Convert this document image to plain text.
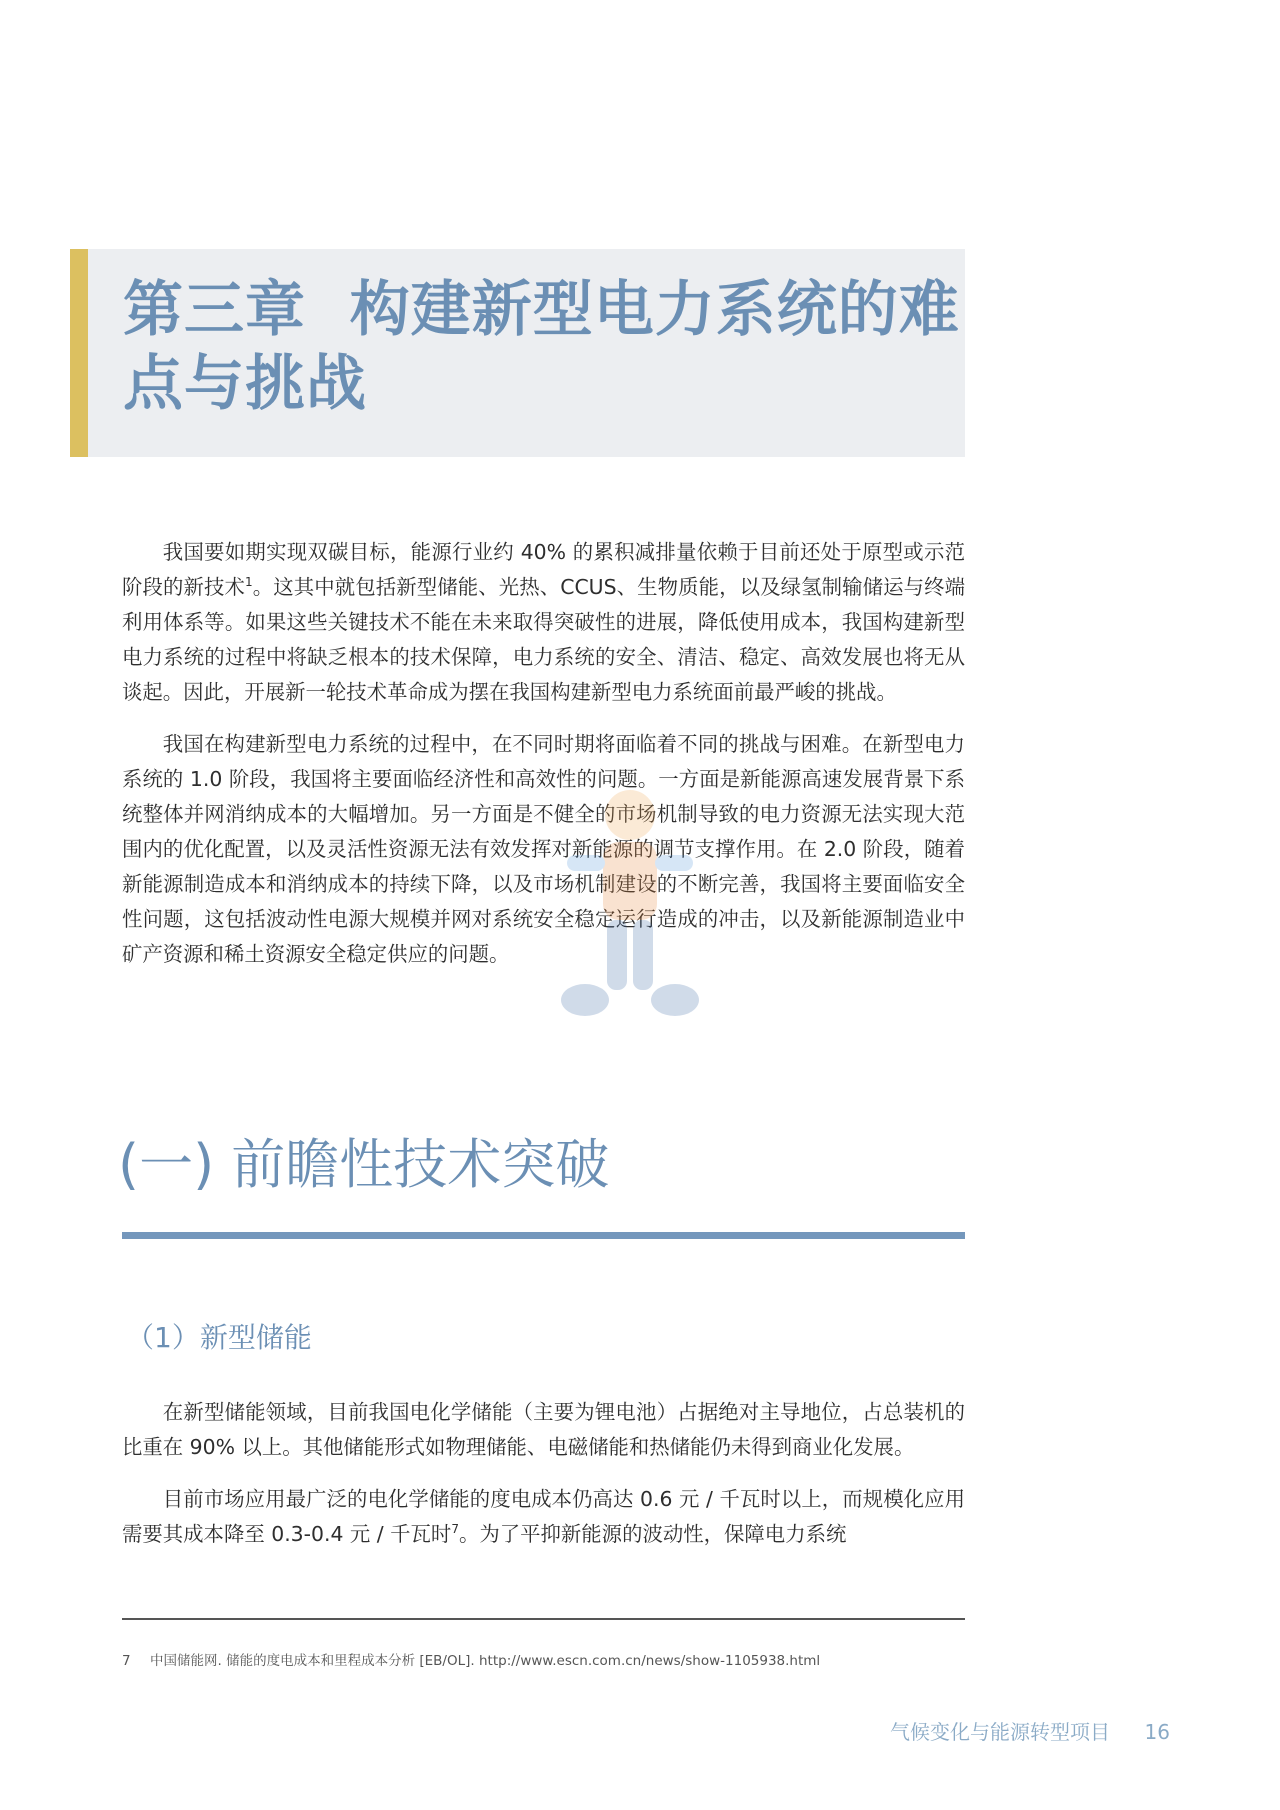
第三章  构建新型电力系统的难
点与挑战

我国要如期实现双碳目标，能源行业约 40% 的累积减排量依赖于目前还处于原型或示范阶段的新技术$^1$。这其中就包括新型储能、光热、CCUS、生物质能，以及绿氢制输储运与终端利用体系等。如果这些关键技术不能在未来取得突破性的进展，降低使用成本，我国构建新型电力系统的过程中将缺乏根本的技术保障，电力系统的安全、清洁、稳定、高效发展也将无从谈起。因此，开展新一轮技术革命成为摆在我国构建新型电力系统面前最严峻的挑战。

我国在构建新型电力系统的过程中，在不同时期将面临着不同的挑战与困难。在新型电力系统的 1.0 阶段，我国将主要面临经济性和高效性的问题。一方面是新能源高速发展背景下系统整体并网消纳成本的大幅增加。另一方面是不健全的市场机制导致的电力资源无法实现大范围内的优化配置，以及灵活性资源无法有效发挥对新能源的调节支撑作用。在 2.0 阶段，随着新能源制造成本和消纳成本的持续下降，以及市场机制建设的不断完善，我国将主要面临安全性问题，这包括波动性电源大规模并网对系统安全稳定运行造成的冲击，以及新能源制造业中矿产资源和稀土资源安全稳定供应的问题。

(一) 前瞻性技术突破
（1）新型储能

在新型储能领域，目前我国电化学储能（主要为锂电池）占据绝对主导地位，占总装机的比重在 90% 以上。其他储能形式如物理储能、电磁储能和热储能仍未得到商业化发展。

目前市场应用最广泛的电化学储能的度电成本仍高达 0.6 元 / 千瓦时以上，而规模化应用需要其成本降至 0.3-0.4 元 / 千瓦时$^7$。为了平抑新能源的波动性，保障电力系统

7 中国储能网. 储能的度电成本和里程成本分析 [EB/OL]. http://www.escn.com.cn/news/show-1105938.html

气候变化与能源转型项目 16
